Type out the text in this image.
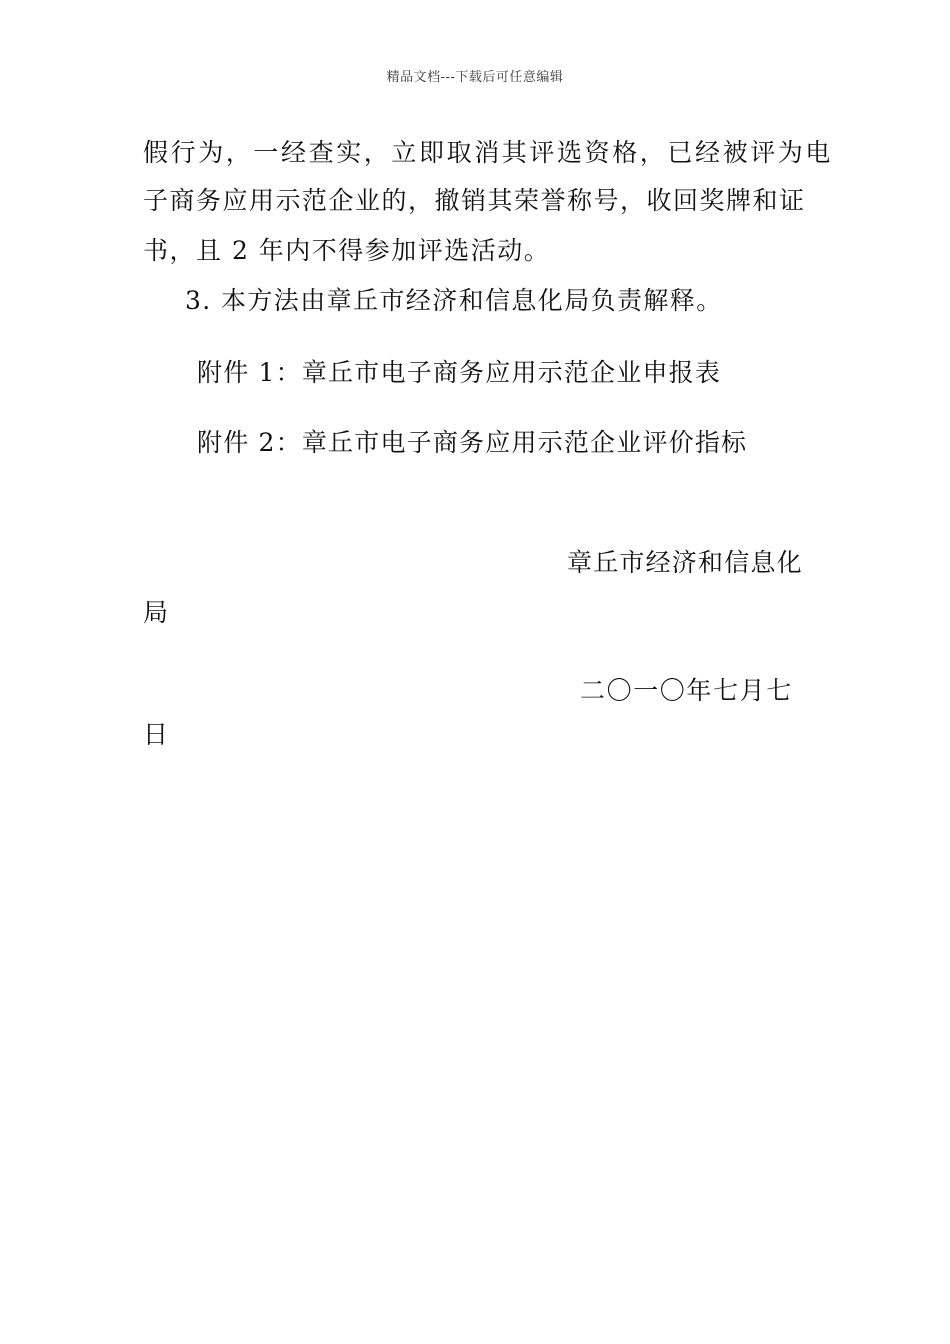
精品文档---下载后可任意编辑
假行为，一经查实，立即取消其评选资格，已经被评为电
子商务应用示范企业的，撤销其荣誉称号，收回奖牌和证
书，且 2 年内不得参加评选活动。
3. 本方法由章丘市经济和信息化局负责解释。
附件 1：章丘市电子商务应用示范企业申报表
附件 2：章丘市电子商务应用示范企业评价指标
章丘市经济和信息化
局
二〇一〇年七月七
日
